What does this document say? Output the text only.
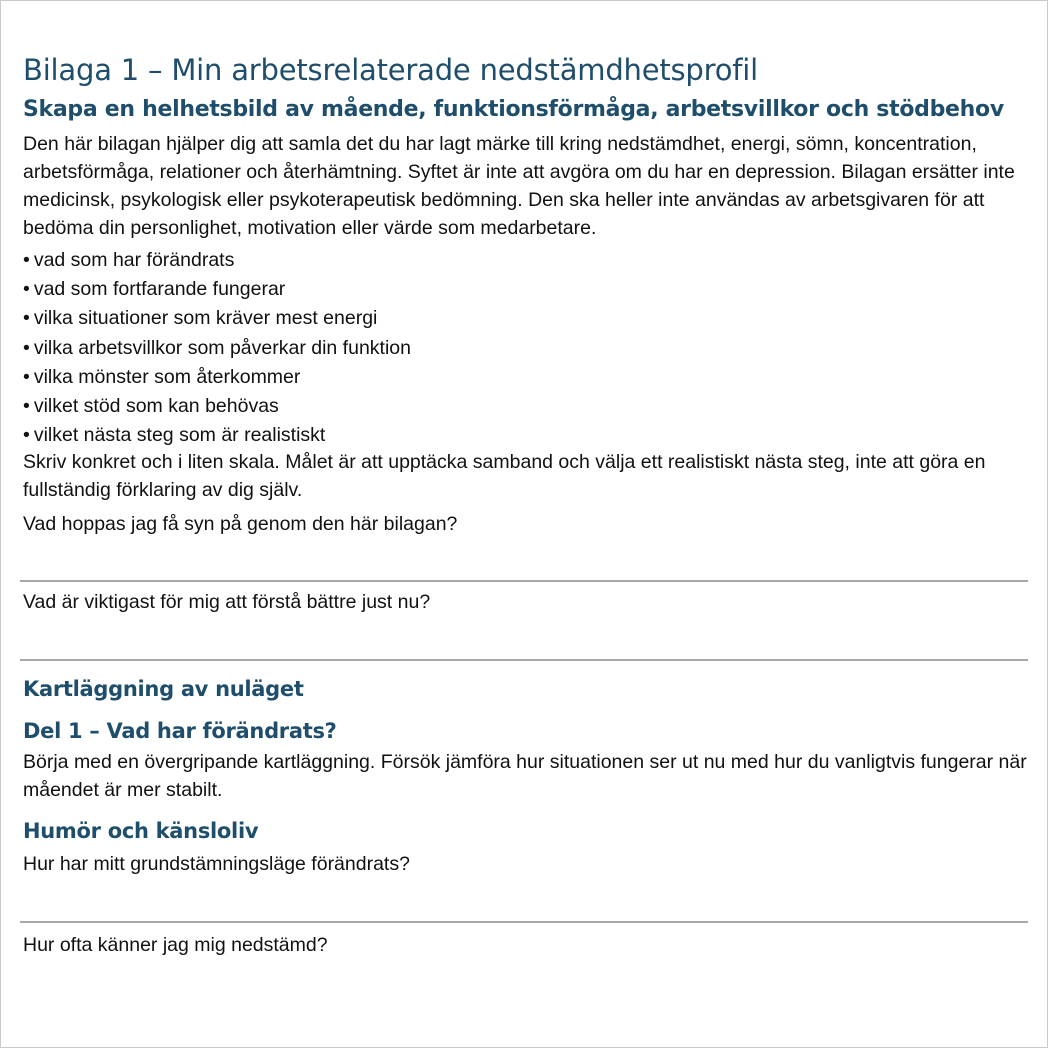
Bilaga 1 – Min arbetsrelaterade nedstämdhetsprofil
Skapa en helhetsbild av mående, funktionsförmåga, arbetsvillkor och stödbehov

Den här bilagan hjälper dig att samla det du har lagt märke till kring nedstämdhet, energi, sömn, koncentration, arbetsförmåga, relationer och återhämtning. Syftet är inte att avgöra om du har en depression. Bilagan ersätter inte medicinsk, psykologisk eller psykoterapeutisk bedömning. Den ska heller inte användas av arbetsgivaren för att bedöma din personlighet, motivation eller värde som medarbetare.

• vad som har förändrats
• vad som fortfarande fungerar
• vilka situationer som kräver mest energi
• vilka arbetsvillkor som påverkar din funktion
• vilka mönster som återkommer
• vilket stöd som kan behövas
• vilket nästa steg som är realistiskt

Skriv konkret och i liten skala. Målet är att upptäcka samband och välja ett realistiskt nästa steg, inte att göra en fullständig förklaring av dig själv.

Vad hoppas jag få syn på genom den här bilagan?

Vad är viktigast för mig att förstå bättre just nu?

Kartläggning av nuläget
Del 1 – Vad har förändrats?

Börja med en övergripande kartläggning. Försök jämföra hur situationen ser ut nu med hur du vanligtvis fungerar när måendet är mer stabilt.

Humör och känsloliv

Hur har mitt grundstämningsläge förändrats?

Hur ofta känner jag mig nedstämd?
